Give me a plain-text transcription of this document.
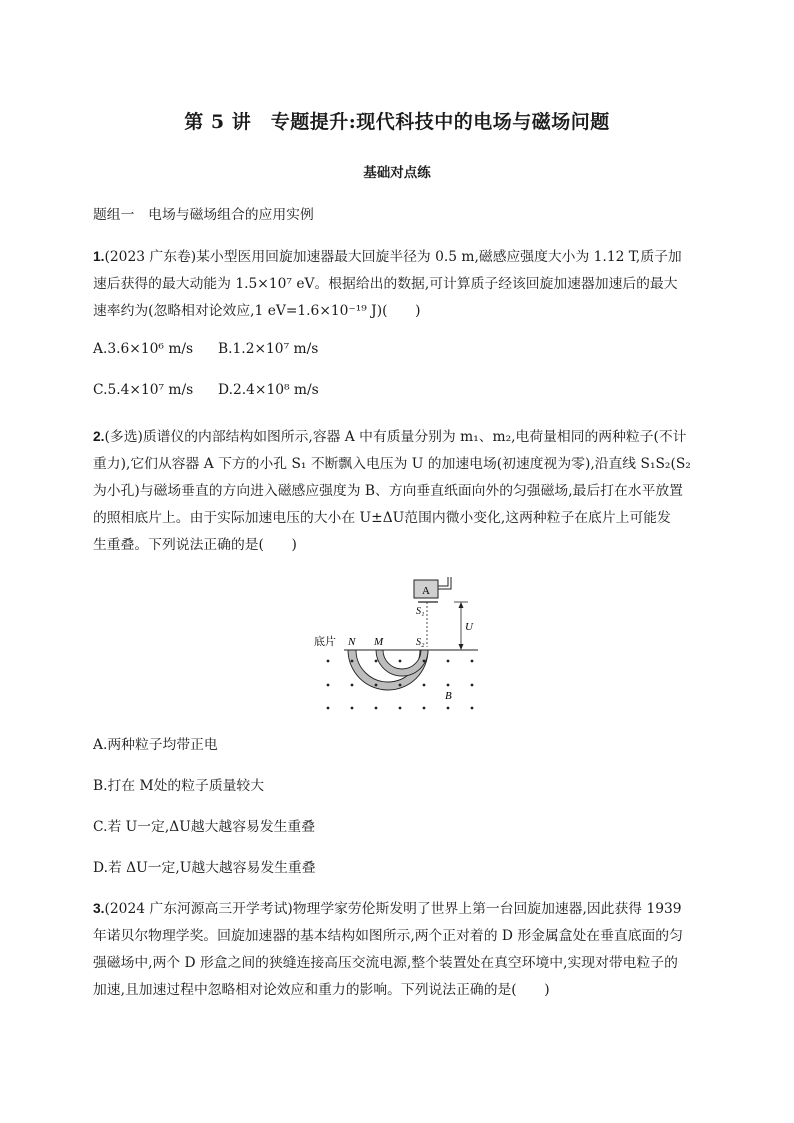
第 5 讲　专题提升:现代科技中的电场与磁场问题
基础对点练
题组一　电场与磁场组合的应用实例
1.(2023 广东卷)某小型医用回旋加速器最大回旋半径为 0.5 m,磁感应强度大小为 1.12 T,质子加
速后获得的最大动能为 1.5×10⁷ eV。根据给出的数据,可计算质子经该回旋加速器加速后的最大
速率约为(忽略相对论效应,1 eV=1.6×10⁻¹⁹ J)(　　)
A.3.6×10⁶ m/s B.1.2×10⁷ m/s
C.5.4×10⁷ m/s D.2.4×10⁸ m/s
2.(多选)质谱仪的内部结构如图所示,容器 A 中有质量分别为 m₁、m₂,电荷量相同的两种粒子(不计
重力),它们从容器 A 下方的小孔 S₁ 不断飘入电压为 U 的加速电场(初速度视为零),沿直线 S₁S₂(S₂
为小孔)与磁场垂直的方向进入磁感应强度为 B、方向垂直纸面向外的匀强磁场,最后打在水平放置
的照相底片上。由于实际加速电压的大小在 U±ΔU范围内微小变化,这两种粒子在底片上可能发
生重叠。下列说法正确的是(　　)
A
S₁
S₂
U
底片 N M
B
A.两种粒子均带正电
B.打在 M处的粒子质量较大
C.若 U一定,ΔU越大越容易发生重叠
D.若 ΔU一定,U越大越容易发生重叠
3.(2024 广东河源高三开学考试)物理学家劳伦斯发明了世界上第一台回旋加速器,因此获得 1939
年诺贝尔物理学奖。回旋加速器的基本结构如图所示,两个正对着的 D 形金属盒处在垂直底面的匀
强磁场中,两个 D 形盒之间的狭缝连接高压交流电源,整个装置处在真空环境中,实现对带电粒子的
加速,且加速过程中忽略相对论效应和重力的影响。下列说法正确的是(　　)
